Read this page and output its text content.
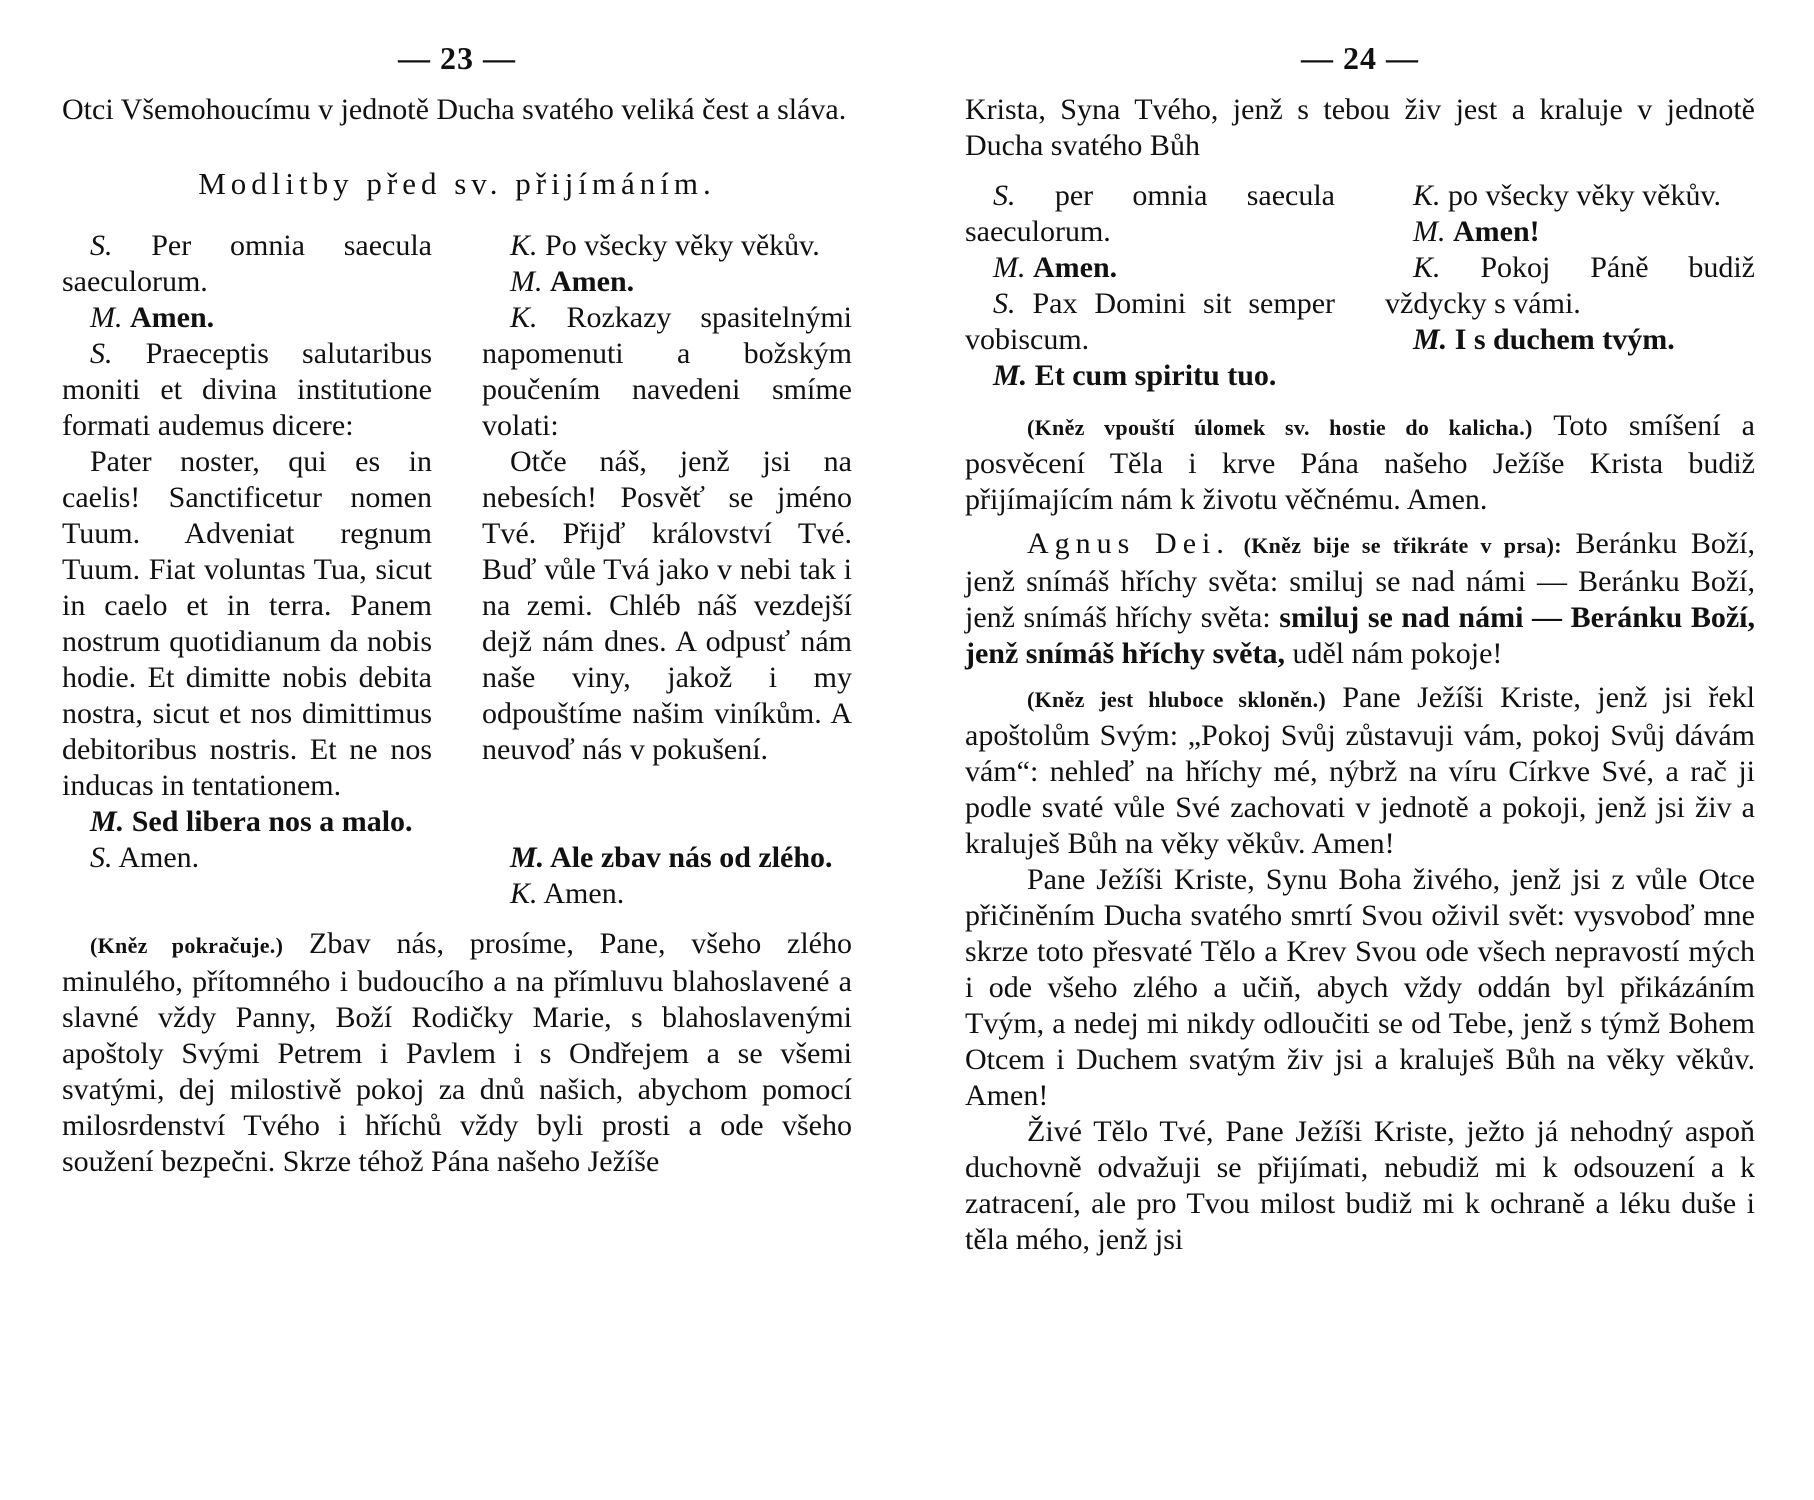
— 23 —

Otci Všemohoucímu v jednotě Ducha svatého veliká čest a sláva.

Modlitby před sv. přijímáním.

S. Per omnia saecula saeculorum.

M. Amen.

S. Praeceptis salutaribus moniti et divina institutione formati audemus dicere:

Pater noster, qui es in caelis! Sanctificetur nomen Tuum. Adveniat regnum Tuum. Fiat voluntas Tua, sicut in caelo et in terra. Panem nostrum quotidianum da nobis hodie. Et dimitte nobis debita nostra, sicut et nos dimittimus debitoribus nostris. Et ne nos inducas in tentationem.

M. Sed libera nos a malo.

S. Amen.

K. Po všecky věky věkův.

M. Amen.

K. Rozkazy spasitelnými napomenuti a božským poučením navedeni smíme volati:

Otče náš, jenž jsi na nebesích! Posvěť se jméno Tvé. Přijď království Tvé. Buď vůle Tvá jako v nebi tak i na zemi. Chléb náš vezdejší dejž nám dnes. A odpusť nám naše viny, jakož i my odpouštíme našim viníkům. A neuvoď nás v pokušení.

M. Ale zbav nás od zlého.

K. Amen.

(Kněz pokračuje.) Zbav nás, prosíme, Pane, všeho zlého minulého, přítomného i budoucího a na přímluvu blahoslavené a slavné vždy Panny, Boží Rodičky Marie, s blahoslavenými apoštoly Svými Petrem i Pavlem i s Ondřejem a se všemi svatými, dej milostivě pokoj za dnů našich, abychom pomocí milosrdenství Tvého i hříchů vždy byli prosti a ode všeho soužení bezpečni. Skrze téhož Pána našeho Ježíše

— 24 —

Krista, Syna Tvého, jenž s tebou živ jest a kraluje v jednotě Ducha svatého Bůh

S. per omnia saecula saeculorum.

M. Amen.

S. Pax Domini sit semper vobiscum.

M. Et cum spiritu tuo.

K. po všecky věky věkův.

M. Amen!

K. Pokoj Páně budiž vždycky s vámi.

M. I s duchem tvým.

(Kněz vpouští úlomek sv. hostie do kalicha.) Toto smíšení a posvěcení Těla i krve Pána našeho Ježíše Krista budiž přijímajícím nám k životu věčnému. Amen.

Agnus Dei. (Kněz bije se třikráte v prsa): Beránku Boží, jenž snímáš hříchy světa: smiluj se nad námi — Beránku Boží, jenž snímáš hříchy světa: smiluj se nad námi — Beránku Boží, jenž snímáš hříchy světa, uděl nám pokoje!

(Kněz jest hluboce skloněn.) Pane Ježíši Kriste, jenž jsi řekl apoštolům Svým: „Pokoj Svůj zůstavuji vám, pokoj Svůj dávám vám“: nehleď na hříchy mé, nýbrž na víru Církve Své, a rač ji podle svaté vůle Své zachovati v jednotě a pokoji, jenž jsi živ a kraluješ Bůh na věky věkův. Amen!

Pane Ježíši Kriste, Synu Boha živého, jenž jsi z vůle Otce přičiněním Ducha svatého smrtí Svou oživil svět: vysvoboď mne skrze toto přesvaté Tělo a Krev Svou ode všech nepravostí mých i ode všeho zlého a učiň, abych vždy oddán byl přikázáním Tvým, a nedej mi nikdy odloučiti se od Tebe, jenž s týmž Bohem Otcem i Duchem svatým živ jsi a kraluješ Bůh na věky věkův. Amen!

Živé Tělo Tvé, Pane Ježíši Kriste, ježto já nehodný aspoň duchovně odvažuji se přijímati, nebudiž mi k odsouzení a k zatracení, ale pro Tvou milost budiž mi k ochraně a léku duše i těla mého, jenž jsi
